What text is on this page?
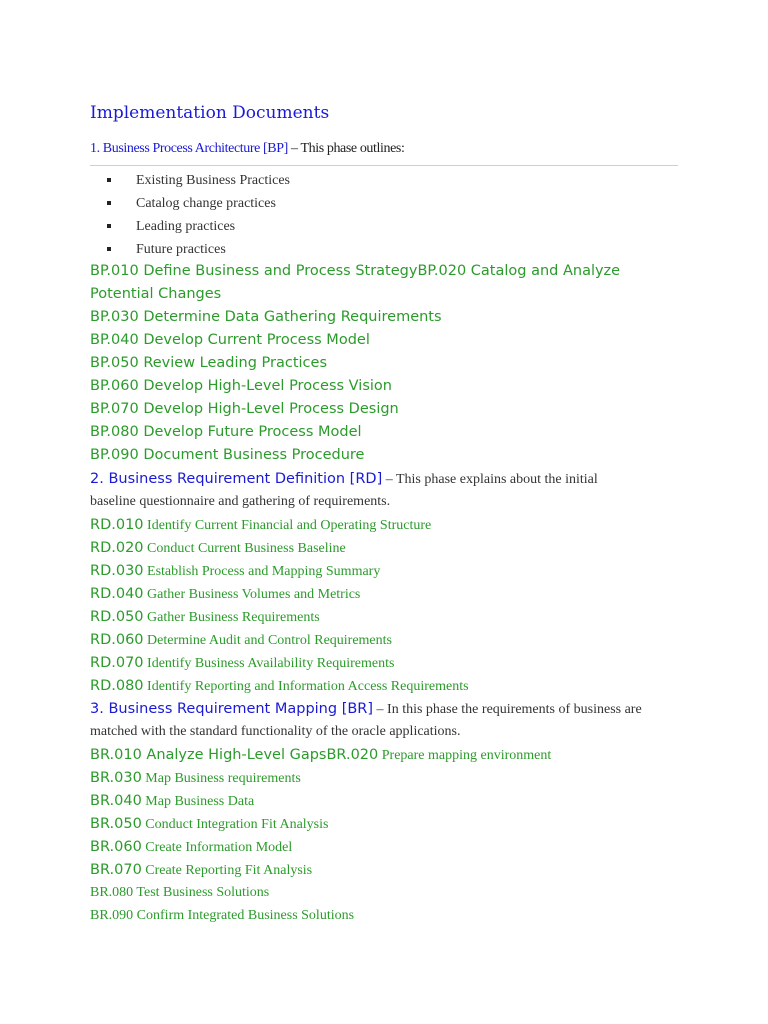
Implementation Documents
1. Business Process Architecture [BP] – This phase outlines:
Existing Business Practices
Catalog change practices
Leading practices
Future practices
BP.010 Define Business and Process StrategyBP.020 Catalog and Analyze
Potential Changes
BP.030 Determine Data Gathering Requirements
BP.040 Develop Current Process Model
BP.050 Review Leading Practices
BP.060 Develop High-Level Process Vision
BP.070 Develop High-Level Process Design
BP.080 Develop Future Process Model
BP.090 Document Business Procedure
2. Business Requirement Definition [RD] – This phase explains about the initial
baseline questionnaire and gathering of requirements.
RD.010 Identify Current Financial and Operating Structure
RD.020 Conduct Current Business Baseline
RD.030 Establish Process and Mapping Summary
RD.040 Gather Business Volumes and Metrics
RD.050 Gather Business Requirements
RD.060 Determine Audit and Control Requirements
RD.070 Identify Business Availability Requirements
RD.080 Identify Reporting and Information Access Requirements
3. Business Requirement Mapping [BR] – In this phase the requirements of business are
matched with the standard functionality of the oracle applications.
BR.010 Analyze High-Level GapsBR.020 Prepare mapping environment
BR.030 Map Business requirements
BR.040 Map Business Data
BR.050 Conduct Integration Fit Analysis
BR.060 Create Information Model
BR.070 Create Reporting Fit Analysis
BR.080 Test Business Solutions
BR.090 Confirm Integrated Business Solutions
